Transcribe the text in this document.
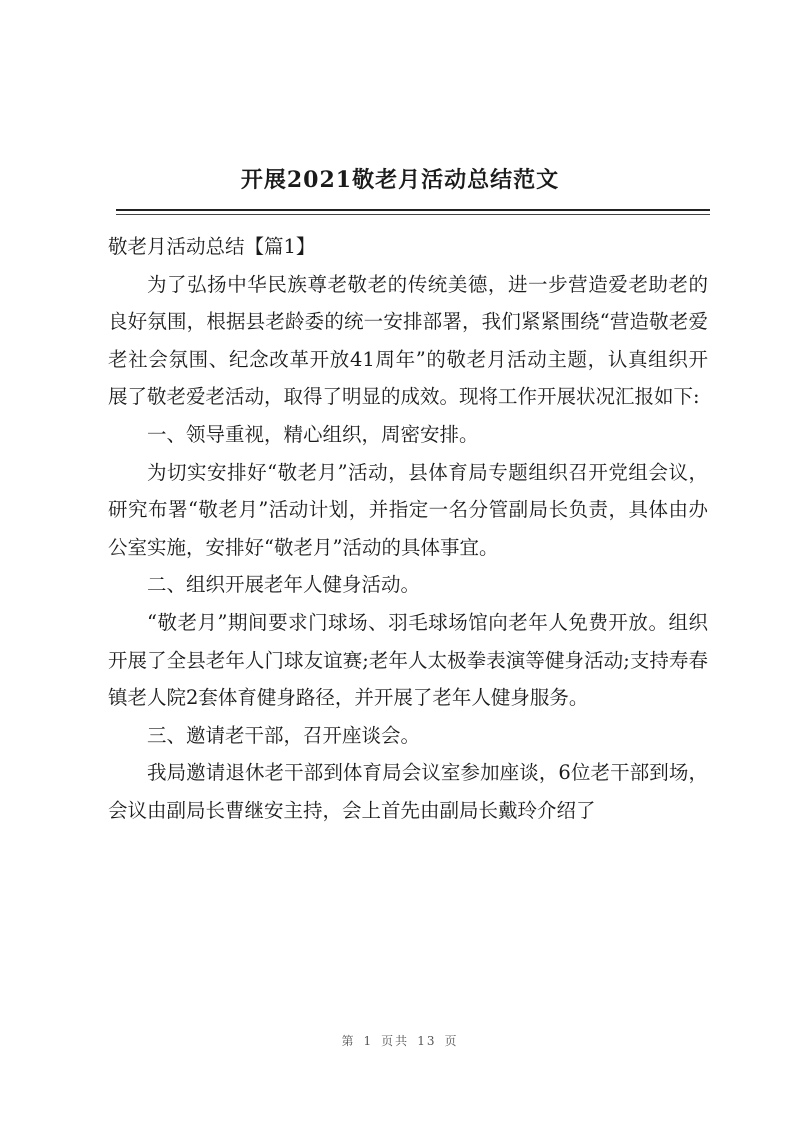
开展2021敬老月活动总结范文

敬老月活动总结【篇1】

为了弘扬中华民族尊老敬老的传统美德，进一步营造爱老助老的良好氛围，根据县老龄委的统一安排部署，我们紧紧围绕“营造敬老爱老社会氛围、纪念改革开放41周年”的敬老月活动主题，认真组织开展了敬老爱老活动，取得了明显的成效。现将工作开展状况汇报如下:

一、领导重视，精心组织，周密安排。

为切实安排好“敬老月”活动，县体育局专题组织召开党组会议，研究布署“敬老月”活动计划，并指定一名分管副局长负责，具体由办公室实施，安排好“敬老月”活动的具体事宜。

二、组织开展老年人健身活动。

“敬老月”期间要求门球场、羽毛球场馆向老年人免费开放。组织开展了全县老年人门球友谊赛;老年人太极拳表演等健身活动;支持寿春镇老人院2套体育健身路径，并开展了老年人健身服务。

三、邀请老干部，召开座谈会。

我局邀请退休老干部到体育局会议室参加座谈，6位老干部到场，会议由副局长曹继安主持，会上首先由副局长戴玲介绍了

第 1 页共 13 页
